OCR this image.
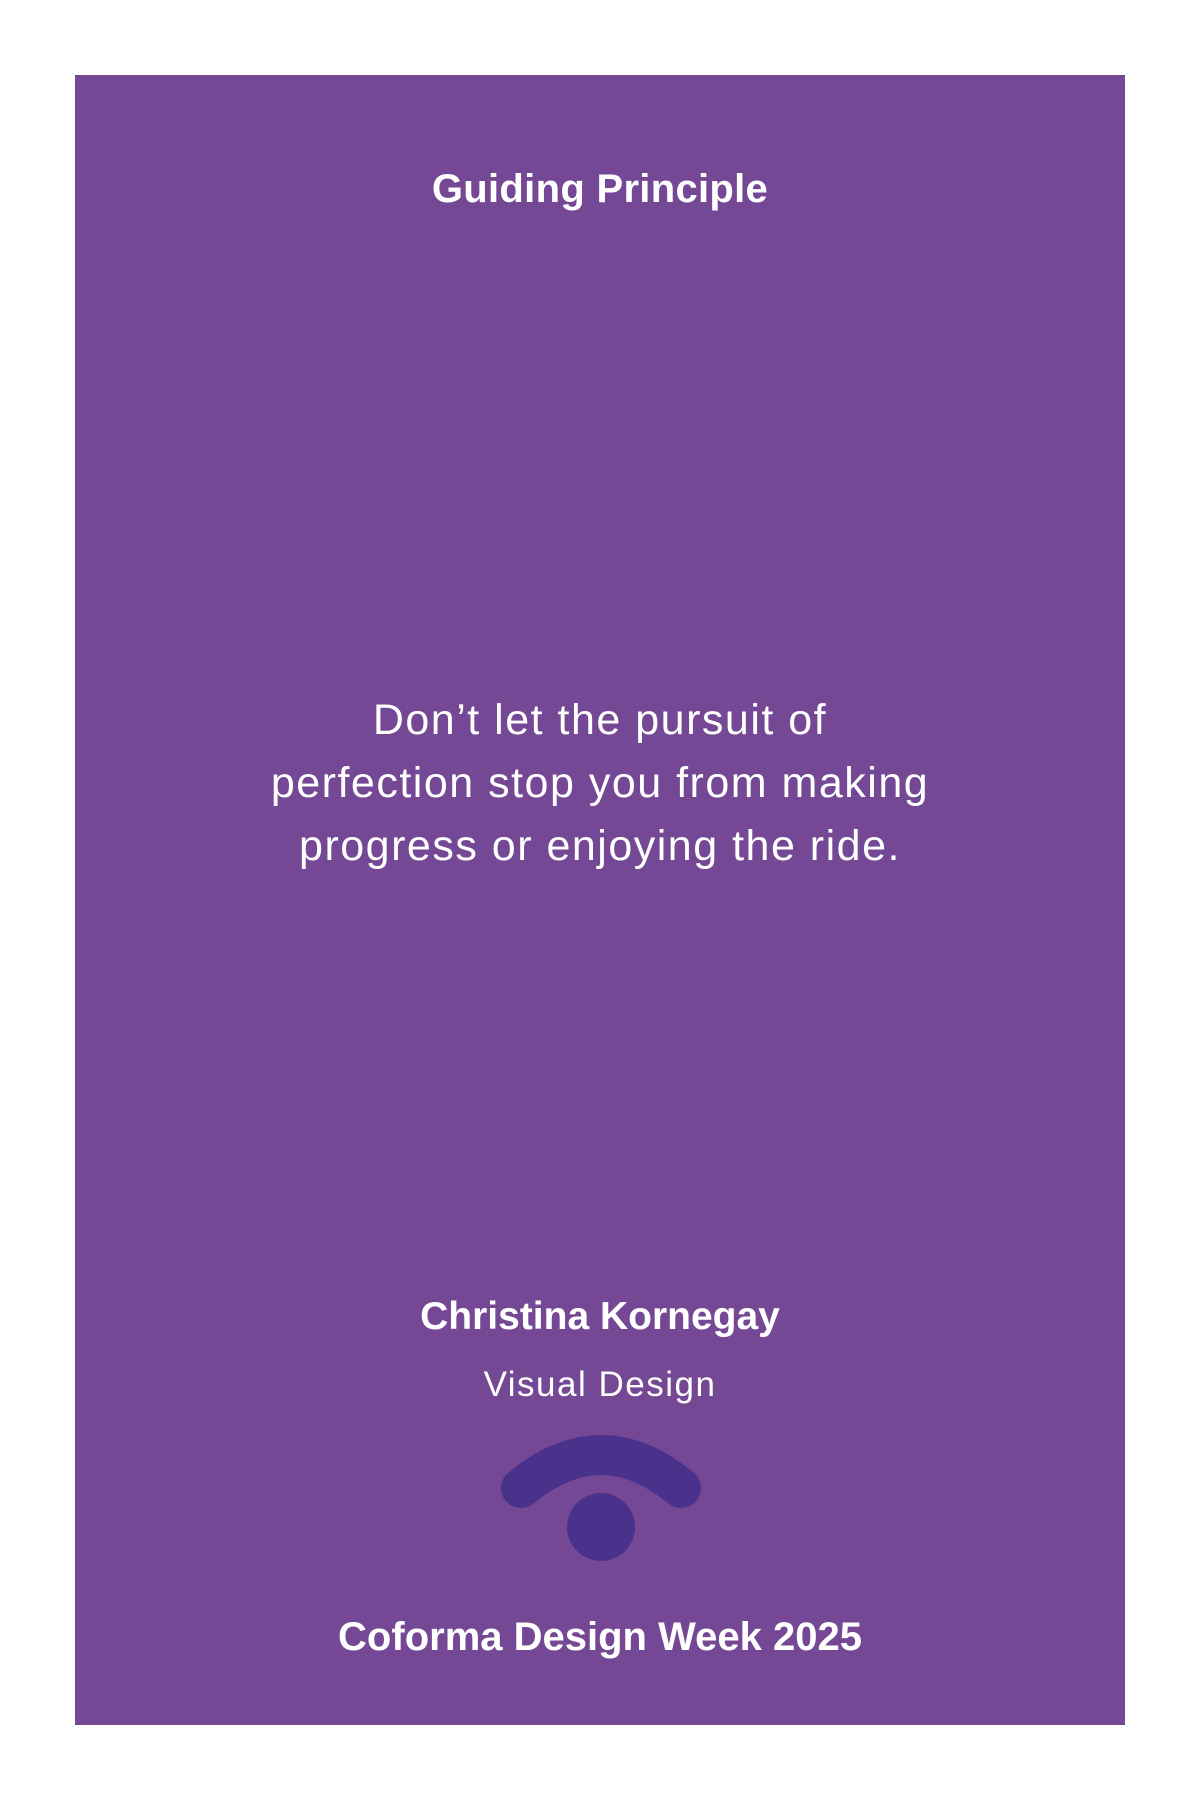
Guiding Principle
Don’t let the pursuit of
perfection stop you from making
progress or enjoying the ride.
Christina Kornegay
Visual Design
Coforma Design Week 2025
